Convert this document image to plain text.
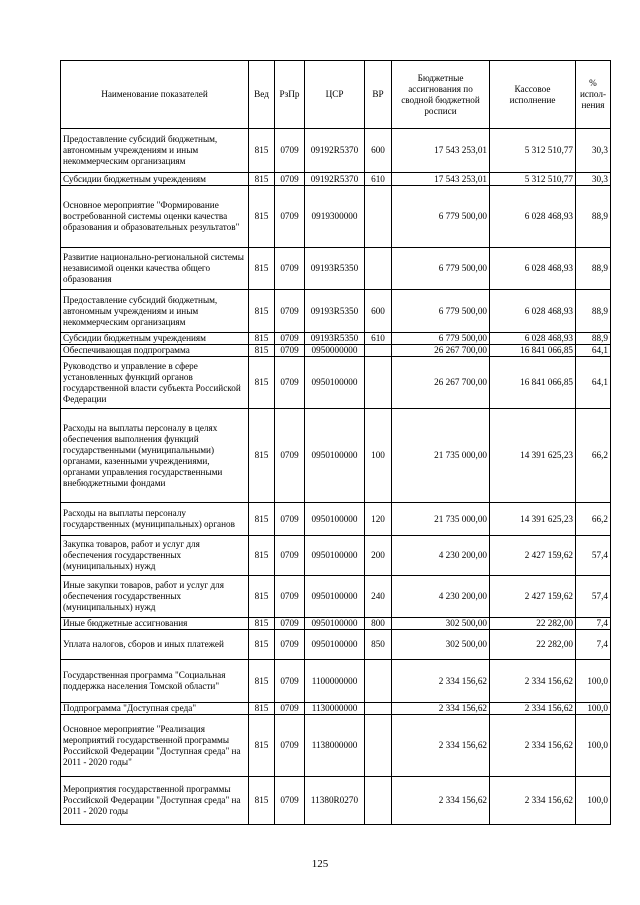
Наименование показателей	Вед	РзПр	ЦСР	ВР	Бюджетные ассигнования по сводной бюджетной росписи	Кассовое исполнение	% испол-нения
Предоставление субсидий бюджетным, автономным учреждениям и иным некоммерческим организациям	815	0709	09192R5370	600	17 543 253,01	5 312 510,77	30,3
Субсидии бюджетным учреждениям	815	0709	09192R5370	610	17 543 253,01	5 312 510,77	30,3
Основное мероприятие "Формирование востребованной системы оценки качества образования и образовательных результатов"	815	0709	0919300000		6 779 500,00	6 028 468,93	88,9
Развитие национально-региональной системы независимой оценки качества общего образования	815	0709	09193R5350		6 779 500,00	6 028 468,93	88,9
Предоставление субсидий бюджетным, автономным учреждениям и иным некоммерческим организациям	815	0709	09193R5350	600	6 779 500,00	6 028 468,93	88,9
Субсидии бюджетным учреждениям	815	0709	09193R5350	610	6 779 500,00	6 028 468,93	88,9
Обеспечивающая подпрограмма	815	0709	0950000000		26 267 700,00	16 841 066,85	64,1
Руководство и управление в сфере установленных функций органов государственной власти субъекта Российской Федерации	815	0709	0950100000		26 267 700,00	16 841 066,85	64,1
Расходы на выплаты персоналу в целях обеспечения выполнения функций государственными (муниципальными) органами, казенными учреждениями, органами управления государственными внебюджетными фондами	815	0709	0950100000	100	21 735 000,00	14 391 625,23	66,2
Расходы на выплаты персоналу государственных (муниципальных) органов	815	0709	0950100000	120	21 735 000,00	14 391 625,23	66,2
Закупка товаров, работ и услуг для обеспечения государственных (муниципальных) нужд	815	0709	0950100000	200	4 230 200,00	2 427 159,62	57,4
Иные закупки товаров, работ и услуг для обеспечения государственных (муниципальных) нужд	815	0709	0950100000	240	4 230 200,00	2 427 159,62	57,4
Иные бюджетные ассигнования	815	0709	0950100000	800	302 500,00	22 282,00	7,4
Уплата налогов, сборов и иных платежей	815	0709	0950100000	850	302 500,00	22 282,00	7,4
Государственная программа "Социальная поддержка населения Томской области"	815	0709	1100000000		2 334 156,62	2 334 156,62	100,0
Подпрограмма "Доступная среда"	815	0709	1130000000		2 334 156,62	2 334 156,62	100,0
Основное мероприятие "Реализация мероприятий государственной программы Российской Федерации "Доступная среда" на 2011 - 2020 годы"	815	0709	1138000000		2 334 156,62	2 334 156,62	100,0
Мероприятия государственной программы Российской Федерации "Доступная среда" на 2011 - 2020 годы	815	0709	11380R0270		2 334 156,62	2 334 156,62	100,0
125
